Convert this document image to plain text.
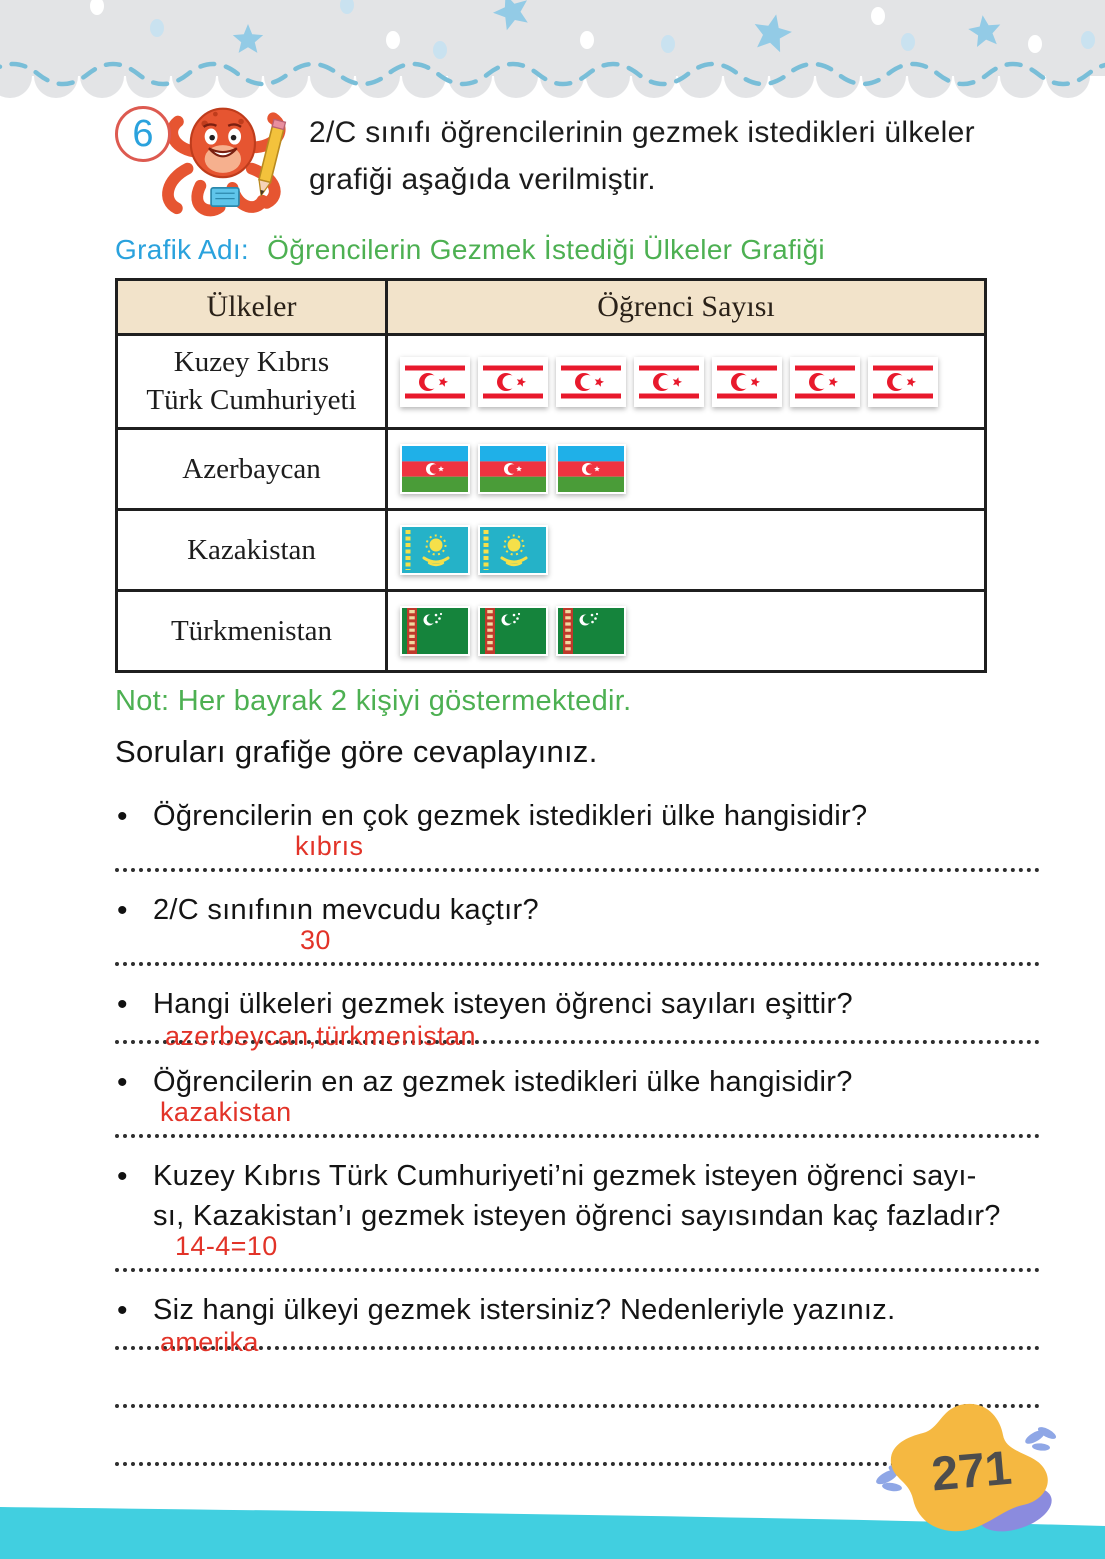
6	2/C sınıfı öğrencilerinin gezmek istedikleri ülkeler
grafiği aşağıda verilmiştir.
Grafik Adı: Öğrencilerin Gezmek İstediği Ülkeler Grafiği
Ülkeler	Öğrenci Sayısı
Kuzey Kıbrıs
Türk Cumhuriyeti
Azerbaycan
Kazakistan
Türkmenistan
Not: Her bayrak 2 kişiyi göstermektedir.
Soruları grafiğe göre cevaplayınız.
• Öğrencilerin en çok gezmek istedikleri ülke hangisidir?
kıbrıs
• 2/C sınıfının mevcudu kaçtır?
30
• Hangi ülkeleri gezmek isteyen öğrenci sayıları eşittir?
azerbeycan,türkmenistan
• Öğrencilerin en az gezmek istedikleri ülke hangisidir?
kazakistan
• Kuzey Kıbrıs Türk Cumhuriyeti’ni gezmek isteyen öğrenci sayı-
sı, Kazakistan’ı gezmek isteyen öğrenci sayısından kaç fazladır?
14-4=10
• Siz hangi ülkeyi gezmek istersiniz? Nedenleriyle yazınız.
amerika
271
